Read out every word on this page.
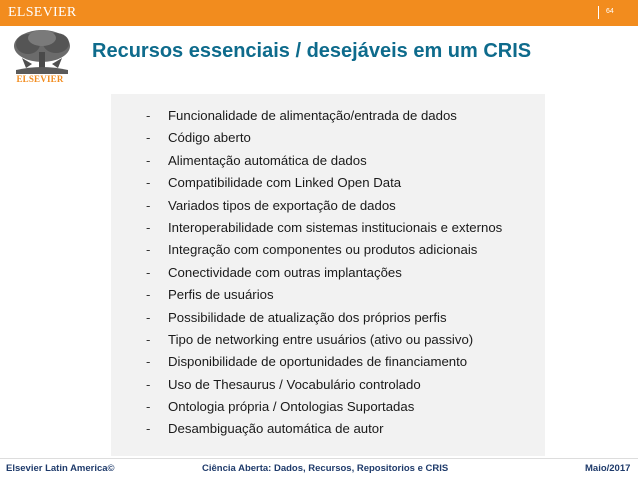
ELSEVIER	64
ELSEVIER
Recursos essenciais / desejáveis em um CRIS
-	Funcionalidade de alimentação/entrada de dados
-	Código aberto
-	Alimentação automática de dados
-	Compatibilidade com Linked Open Data
-	Variados tipos de exportação de dados
-	Interoperabilidade com sistemas institucionais e externos
-	Integração com componentes ou produtos adicionais
-	Conectividade com outras implantações
-	Perfis de usuários
-	Possibilidade de atualização dos próprios perfis
-	Tipo de networking entre usuários (ativo ou passivo)
-	Disponibilidade de oportunidades de financiamento
-	Uso de Thesaurus / Vocabulário controlado
-	Ontologia própria / Ontologias Suportadas
-	Desambiguação automática de autor
Elsevier Latin America©	Ciência Aberta: Dados, Recursos, Repositorios e CRIS	Maio/2017
